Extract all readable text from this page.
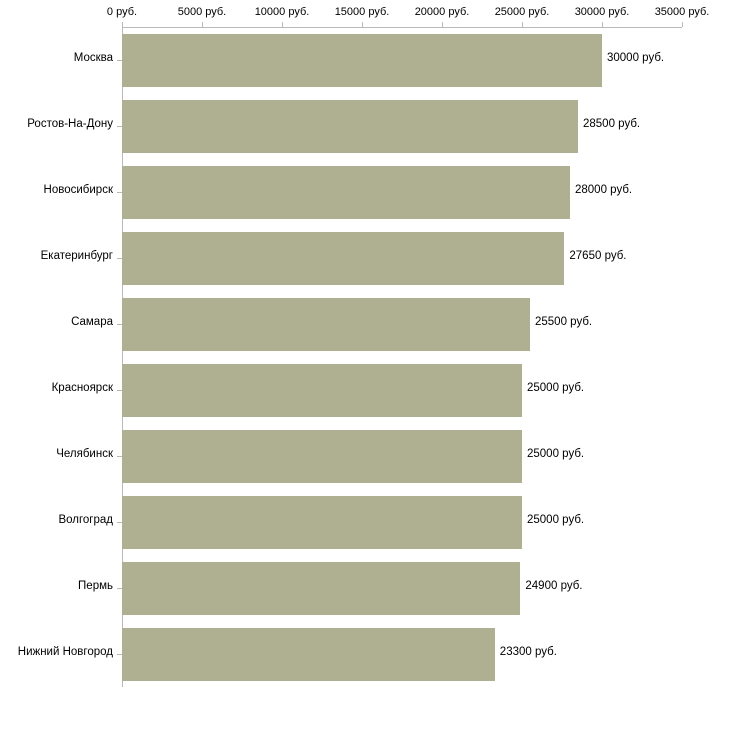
0 руб.	5000 руб.	10000 руб. 15000 руб. 20000 руб. 25000 руб. 30000 руб. 35000 руб.
Москва	30000 руб.
Ростов-На-Дону	28500 руб.
Новосибирск	28000 руб.
Екатеринбург	27650 руб.
Самара	25500 руб.
Красноярск	25000 руб.
Челябинск	25000 руб.
Волгоград	25000 руб.
Пермь	24900 руб.
Нижний Новгород	23300 руб.
